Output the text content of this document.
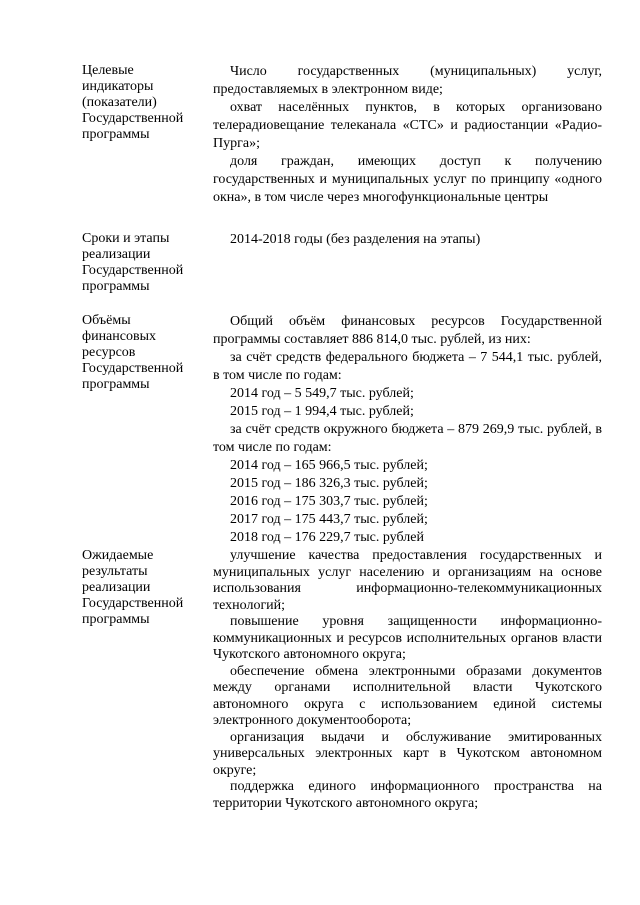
Целевые
индикаторы
(показатели)
Государственной
программы

Число государственных (муниципальных) услуг, предоставляемых в электронном виде;

охват населённых пунктов, в которых организовано телерадиовещание телеканала «СТС» и радиостанции «Радио-Пурга»;

доля граждан, имеющих доступ к получению государственных и муниципальных услуг по принципу «одного окна», в том числе через многофункциональные центры

Сроки и этапы
реализации
Государственной
программы

2014-2018 годы (без разделения на этапы)

Объёмы
финансовых
ресурсов
Государственной
программы

Общий объём финансовых ресурсов Государственной программы составляет 886 814,0 тыс. рублей, из них:

за счёт средств федерального бюджета – 7 544,1 тыс. рублей, в том числе по годам:

2014 год – 5 549,7 тыс. рублей;

2015 год – 1 994,4 тыс. рублей;

за счёт средств окружного бюджета – 879 269,9 тыс. рублей, в том числе по годам:

2014 год – 165 966,5 тыс. рублей;

2015 год – 186 326,3 тыс. рублей;

2016 год – 175 303,7 тыс. рублей;

2017 год – 175 443,7 тыс. рублей;

2018 год – 176 229,7 тыс. рублей

Ожидаемые
результаты
реализации
Государственной
программы

улучшение качества предоставления государственных и муниципальных услуг населению и организациям на основе использования информационно-телекоммуникационных технологий;

повышение уровня защищенности информационно-коммуникационных и ресурсов исполнительных органов власти Чукотского автономного округа;

обеспечение обмена электронными образами документов между органами исполнительной власти Чукотского автономного округа с использованием единой системы электронного документооборота;

организация выдачи и обслуживание эмитированных универсальных электронных карт в Чукотском автономном округе;

поддержка единого информационного пространства на территории Чукотского автономного округа;
